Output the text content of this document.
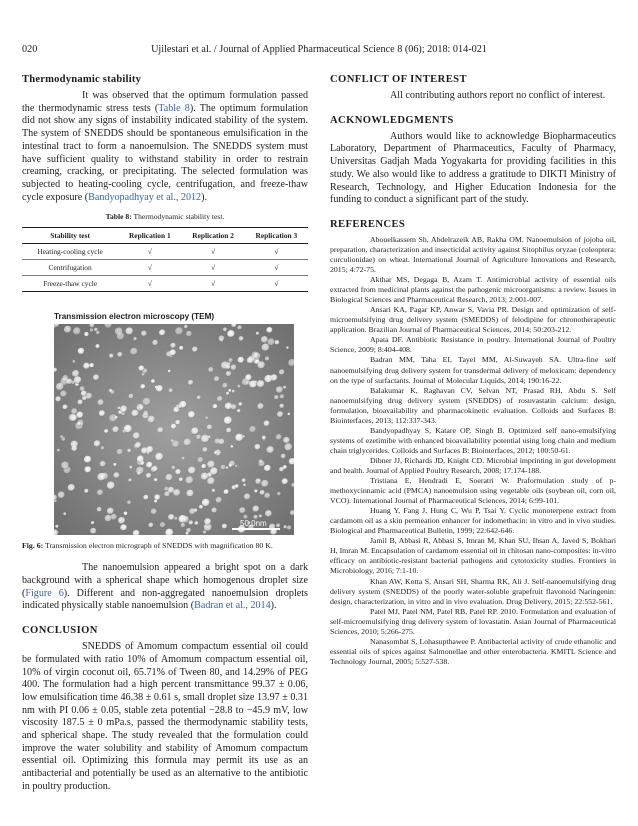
020	Ujilestari et al. / Journal of Applied Pharmaceutical Science 8 (06); 2018: 014-021
Thermodynamic stability

It was observed that the optimum formulation passed the thermodynamic stress tests (Table 8). The optimum formulation did not show any signs of instability indicated stability of the system. The system of SNEDDS should be spontaneous emulsification in the intestinal tract to form a nanoemulsion. The SNEDDS system must have sufficient quality to withstand stability in order to restrain creaming, cracking, or precipitating. The selected formulation was subjected to heating-cooling cycle, centrifugation, and freeze-thaw cycle exposure (Bandyopadhyay et al., 2012).

Table 8: Thermodynamic stability test.
Stability test	Replication 1	Replication 2	Replication 3
Heating-cooling cycle	√	√	√
Centrifugation	√	√	√
Freeze-thaw cycle	√	√	√
Transmission electron microscopy (TEM)
50.0nm
Fig. 6: Transmission electron micrograph of SNEDDS with magnification 80 K.

The nanoemulsion appeared a bright spot on a dark background with a spherical shape which homogenous droplet size (Figure 6). Different and non-aggregated nanoemulsion droplets indicated physically stable nanoemulsion (Badran et al., 2014).

CONCLUSION

SNEDDS of Amomum compactum essential oil could be formulated with ratio 10% of Amomum compactum essential oil, 10% of virgin coconut oil, 65.71% of Tween 80, and 14.29% of PEG 400. The formulation had a high percent transmittance 99.37 ± 0.06, low emulsification time 46.38 ± 0.61 s, small droplet size 13.97 ± 0.31 nm with PI 0.06 ± 0.05, stable zeta potential −28.8 to −45.9 mV, low viscosity 187.5 ± 0 mPa.s, passed the thermodynamic stability tests, and spherical shape. The study revealed that the formulation could improve the water solubility and stability of Amomum compactum essential oil. Optimizing this formula may permit its use as an antibacterial and potentially be used as an alternative to the antibiotic in poultry production.

CONFLICT OF INTEREST

All contributing authors report no conflict of interest.

ACKNOWLEDGMENTS

Authors would like to acknowledge Biopharmaceutics Laboratory, Department of Pharmaceutics, Faculty of Pharmacy, Universitas Gadjah Mada Yogyakarta for providing facilities in this study. We also would like to address a gratitude to DIKTI Ministry of Research, Technology, and Higher Education Indonesia for the funding to conduct a significant part of the study.

REFERENCES

Abouelkassem Sh, Abdelrazeik AB, Rakha OM. Nanoemulsion of jojoba oil, preparation, characterization and insecticidal activity against Sitophilus oryzae (coleoptera: curculionidae) on wheat. International Journal of Agriculture Innovations and Research, 2015; 4:72-75.

Akthar MS, Degaga B, Azam T. Antimicrobial activity of essential oils extracted from medicinal plants against the pathogenic microorganisms: a review. Issues in Biological Sciences and Pharmaceutical Research, 2013; 2:001-007.

Ansari KA, Pagar KP, Anwar S, Vavia PR. Design and optimization of self-microemulsifying drug delivery system (SMEDDS) of felodipine for chronotherapeutic application. Brazilian Journal of Pharmaceutical Sciences, 2014; 50:203-212.

Apata DF. Antibiotic Resistance in poultry. International Journal of Poultry Science, 2009; 8:404-408.

Badran MM, Taha EI, Tayel MM, Al-Suwayeh SA. Ultra-fine self nanoemulsifying drug delivery system for transdermal delivery of meloxicam: dependency on the type of surfactants. Journal of Molecular Liquids, 2014; 190:16-22.

Balakumar K, Raghavan CV, Selvan NT, Prasad RH, Abdu S. Self nanoemulsifying drug delivery system (SNEDDS) of rosuvastatin calcium: design, formulation, bioavailability and pharmacokinetic evaluation. Colloids and Surfaces B: Biointerfaces, 2013; 112:337-343.

Bandyopadhyay S, Katare OP, Singh B. Optimized self nano-emulsifying systems of ezetimibe with enhanced bioavailability potential using long chain and medium chain triglycerides. Colloids and Surfaces B: Biointerfaces, 2012; 100:50-61.

Dibner JJ, Richards JD, Knight CD. Microbial imprinting in gut development and health. Journal of Applied Poultry Research, 2008; 17:174-188.

Tristiana E, Hendradi E, Soeratri W. Praformulation study of p-methoxycinnamic acid (PMCA) nanoemulsion using vegetable oils (soybean oil, corn oil, VCO). International Journal of Pharmaceutical Sciences, 2014; 6:99-101.

Huang Y, Fang J, Hung C, Wu P, Tsai Y. Cyclic monoterpene extract from cardamom oil as a skin permeation enhancer for indomethacin: in vitro and in vivo studies. Biological and Pharmaceutical Bulletin, 1999; 22:642-646.

Jamil B, Abbasi R, Abbasi S, Imran M, Khan SU, Ihsan A, Javed S, Bokhari H, Imran M. Encapsulation of cardamom essential oil in chitosan nano-composites: in-vitro efficacy on antibiotic-resistant bacterial pathogens and cytotoxicity studies. Frontiers in Microbiology, 2016; 7:1-10.

Khan AW, Kotta S, Ansari SH, Sharma RK, Ali J. Self-nanoemulsifying drug delivery system (SNEDDS) of the poorly water-soluble grapefruit flavonoid Naringenin: design, characterization, in vitro and in vivo evaluation. Drug Delivery, 2015; 22:552-561.

Patel MJ, Patel NM, Patel RB, Patel RP. 2010. Formulation and evaluation of self-microemulsifying drug delivery system of lovastatin. Asian Journal of Pharmaceutical Sciences, 2010; 5:266-275.

Nanasombat S, Lohasupthawee P. Antibacterial activity of crude ethanolic and essential oils of spices against Salmonellae and other enterobacteria. KMITL Science and Technology Journal, 2005; 5:527-538.
